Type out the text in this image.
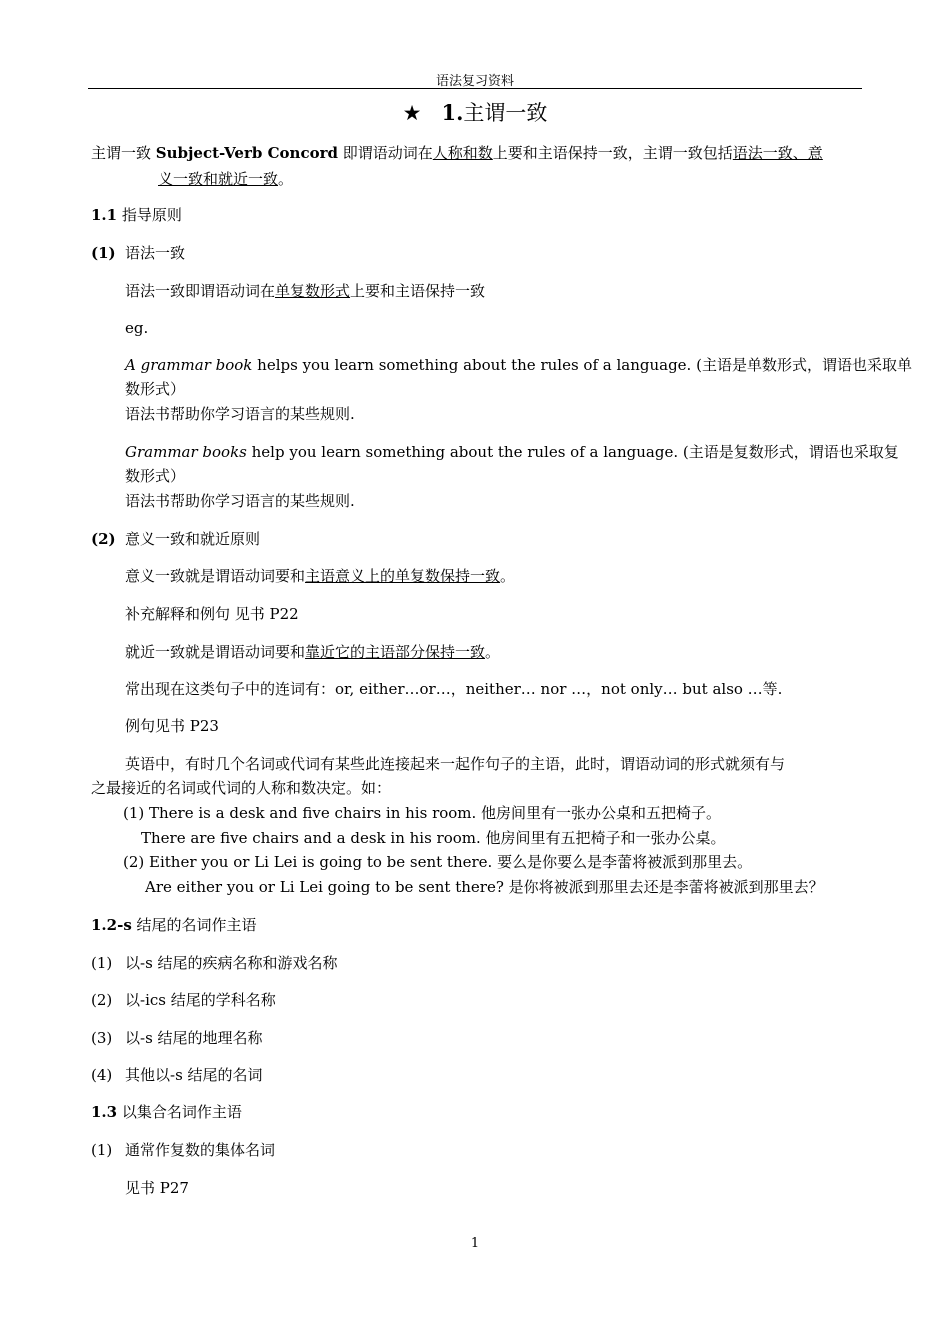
语法复习资料
★ 1.主谓一致
主谓一致 Subject-Verb Concord 即谓语动词在人称和数上要和主语保持一致，主谓一致包括语法一致、意
义一致和就近一致。
1.1 指导原则
(1) 语法一致
语法一致即谓语动词在单复数形式上要和主语保持一致
eg.
A grammar book helps you learn something about the rules of a language. (主语是单数形式，谓语也采取单
数形式）
语法书帮助你学习语言的某些规则.
Grammar books help you learn something about the rules of a language. (主语是复数形式，谓语也采取复
数形式）
语法书帮助你学习语言的某些规则.
(2) 意义一致和就近原则
意义一致就是谓语动词要和主语意义上的单复数保持一致。
补充解释和例句 见书 P22
就近一致就是谓语动词要和靠近它的主语部分保持一致。
常出现在这类句子中的连词有：or, either…or…，neither… nor …，not only… but also …等.
例句见书 P23
英语中，有时几个名词或代词有某些此连接起来一起作句子的主语，此时，谓语动词的形式就须有与
之最接近的名词或代词的人称和数决定。如：
(1) There is a desk and five chairs in his room. 他房间里有一张办公桌和五把椅子。
There are five chairs and a desk in his room. 他房间里有五把椅子和一张办公桌。
(2) Either you or Li Lei is going to be sent there. 要么是你要么是李蕾将被派到那里去。
Are either you or Li Lei going to be sent there? 是你将被派到那里去还是李蕾将被派到那里去？
1.2-s 结尾的名词作主语
(1) 以-s 结尾的疾病名称和游戏名称
(2) 以-ics 结尾的学科名称
(3) 以-s 结尾的地理名称
(4) 其他以-s 结尾的名词
1.3 以集合名词作主语
(1) 通常作复数的集体名词
见书 P27
1
